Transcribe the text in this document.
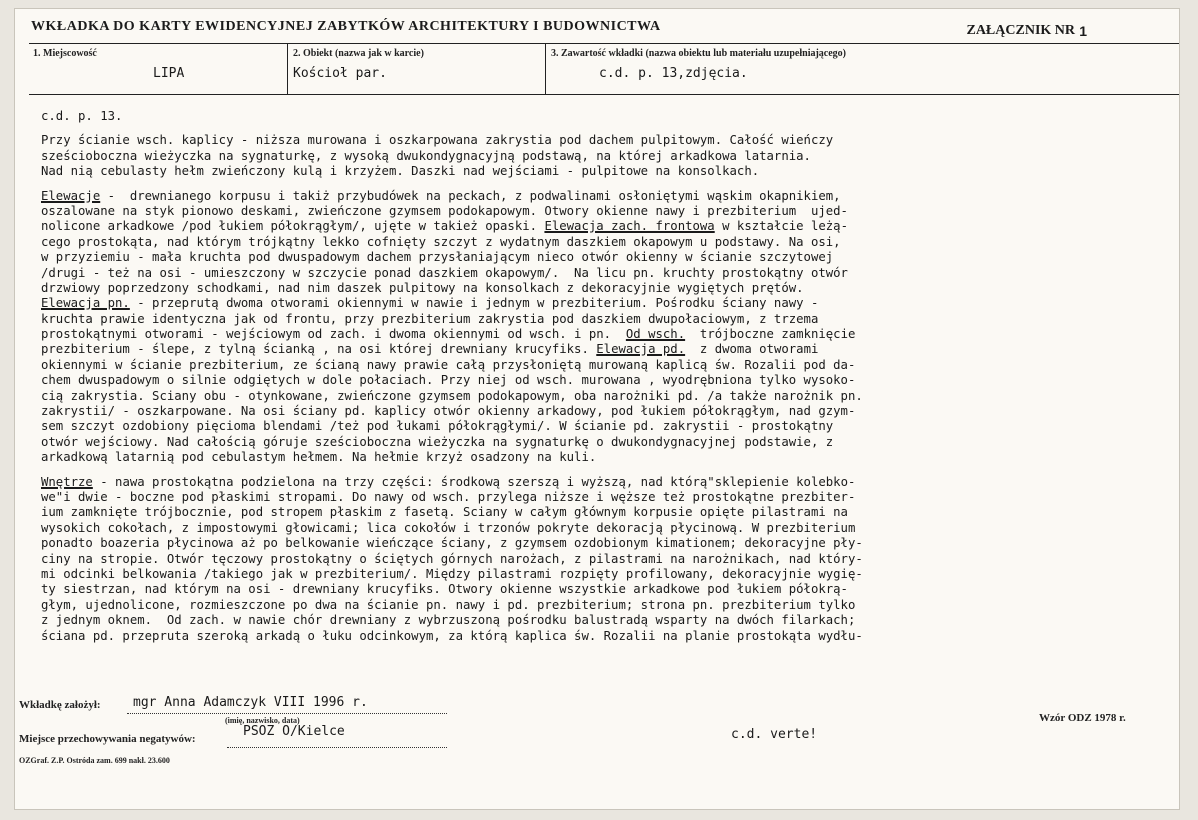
WKŁADKA DO KARTY EWIDENCYJNEJ ZABYTKÓW ARCHITEKTURY I BUDOWNICTWA	ZAŁĄCZNIK NR 1
1. Miejscowość
LIPA
2. Obiekt (nazwa jak w karcie)
Kościoł par.
3. Zawartość wkładki (nazwa obiektu lub materiału uzupełniającego)
c.d. p. 13,zdjęcia.
c.d. p. 13.
Przy ścianie wsch. kaplicy - niższa murowana i oszkarpowana zakrystia pod dachem pulpitowym. Całość wieńczy
sześcioboczna wieżyczka na sygnaturkę, z wysoką dwukondygnacyjną podstawą, na której arkadkowa latarnia.
Nad nią cebulasty hełm zwieńczony kulą i krzyżem. Daszki nad wejściami - pulpitowe na konsolkach.
Elewacje -  drewnianego korpusu i takiż przybudówek na peckach, z podwalinami osłoniętymi wąskim okapnikiem,
oszalowane na styk pionowo deskami, zwieńczone gzymsem podokapowym. Otwory okienne nawy i prezbiterium  ujed-
nolicone arkadkowe /pod łukiem półokrągłym/, ujęte w takież opaski. Elewacja zach. frontowa w kształcie leżą-
cego prostokąta, nad którym trójkątny lekko cofnięty szczyt z wydatnym daszkiem okapowym u podstawy. Na osi,
w przyziemiu - mała kruchta pod dwuspadowym dachem przysłaniającym nieco otwór okienny w ścianie szczytowej
/drugi - też na osi - umieszczony w szczycie ponad daszkiem okapowym/.  Na licu pn. kruchty prostokątny otwór
drzwiowy poprzedzony schodkami, nad nim daszek pulpitowy na konsolkach z dekoracyjnie wygiętych prętów.
Elewacja pn. - przeprutą dwoma otworami okiennymi w nawie i jednym w prezbiterium. Pośrodku ściany nawy -
kruchta prawie identyczna jak od frontu, przy prezbiterium zakrystia pod daszkiem dwupołaciowym, z trzema
prostokątnymi otworami - wejściowym od zach. i dwoma okiennymi od wsch. i pn.  Od wsch.  trójboczne zamknięcie
prezbiterium - ślepe, z tylną ścianką , na osi której drewniany krucyfiks. Elewacja pd.  z dwoma otworami
okiennymi w ścianie prezbiterium, ze ścianą nawy prawie całą przysłoniętą murowaną kaplicą św. Rozalii pod da-
chem dwuspadowym o silnie odgiętych w dole połaciach. Przy niej od wsch. murowana , wyodrębniona tylko wysoko-
cią zakrystia. Sciany obu - otynkowane, zwieńczone gzymsem podokapowym, oba narożniki pd. /a także narożnik pn.
zakrystii/ - oszkarpowane. Na osi ściany pd. kaplicy otwór okienny arkadowy, pod łukiem półokrągłym, nad gzym-
sem szczyt ozdobiony pięcioma blendami /też pod łukami półokrągłymi/. W ścianie pd. zakrystii - prostokątny
otwór wejściowy. Nad całością góruje sześcioboczna wieżyczka na sygnaturkę o dwukondygnacyjnej podstawie, z
arkadkową latarnią pod cebulastym hełmem. Na hełmie krzyż osadzony na kuli.
Wnętrze - nawa prostokątna podzielona na trzy części: środkową szerszą i wyższą, nad którą"sklepienie kolebko-
we"i dwie - boczne pod płaskimi stropami. Do nawy od wsch. przylega niższe i węższe też prostokątne prezbiter-
ium zamknięte trójbocznie, pod stropem płaskim z fasetą. Sciany w całym głównym korpusie opięte pilastrami na
wysokich cokołach, z impostowymi głowicami; lica cokołów i trzonów pokryte dekoracją płycinową. W prezbiterium
ponadto boazeria płycinowa aż po belkowanie wieńczące ściany, z gzymsem ozdobionym kimationem; dekoracyjne pły-
ciny na stropie. Otwór tęczowy prostokątny o ściętych górnych narożach, z pilastrami na narożnikach, nad który-
mi odcinki belkowania /takiego jak w prezbiterium/. Między pilastrami rozpięty profilowany, dekoracyjnie wygię-
ty siestrzan, nad którym na osi - drewniany krucyfiks. Otwory okienne wszystkie arkadkowe pod łukiem półokrą-
głym, ujednolicone, rozmieszczone po dwa na ścianie pn. nawy i pd. prezbiterium; strona pn. prezbiterium tylko
z jednym oknem.  Od zach. w nawie chór drewniany z wybrzuszoną pośrodku balustradą wsparty na dwóch filarkach;
ściana pd. przepruta szeroką arkadą o łuku odcinkowym, za którą kaplica św. Rozalii na planie prostokąta wydłu-
Wkładkę założył: mgr Anna Adamczyk VIII 1996 r.
(imię, nazwisko, data)
Miejsce przechowywania negatywów:	PSOZ O/Kielce	c.d. verte!
Wzór ODZ 1978 r.
OZGraf. Z.P. Ostróda zam. 699 nakł. 23.600
